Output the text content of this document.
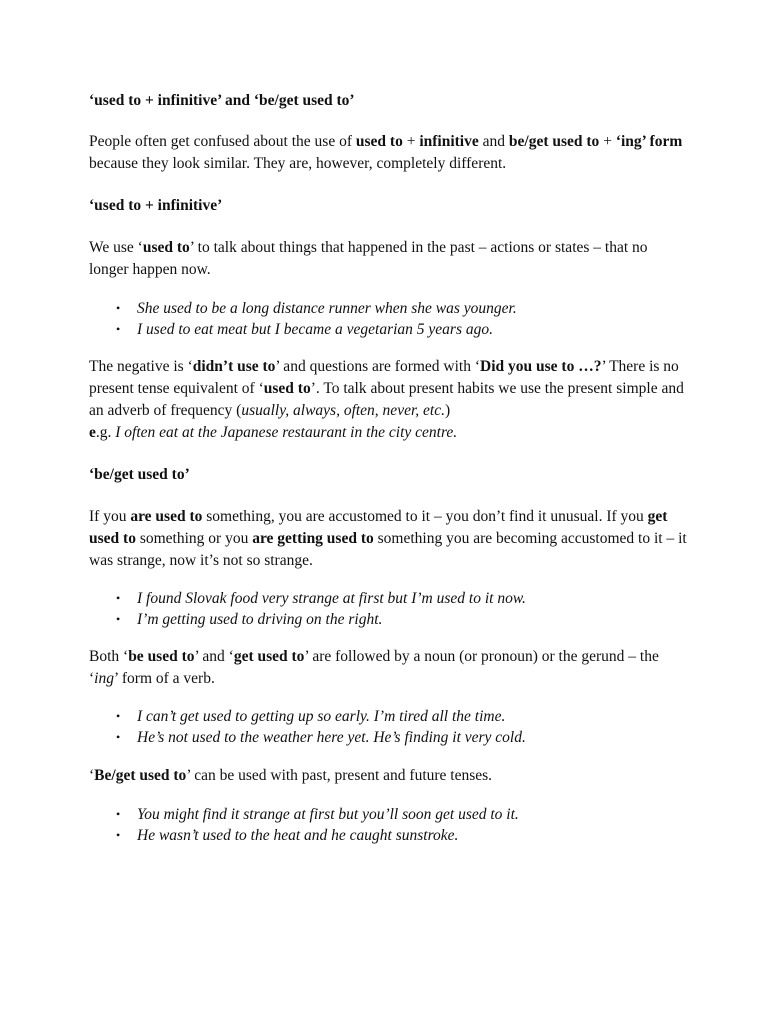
‘used to + infinitive’ and ‘be/get used to’

People often get confused about the use of used to + infinitive and be/get used to + ‘ing’ form because they look similar. They are, however, completely different.

‘used to + infinitive’

We use ‘used to’ to talk about things that happened in the past – actions or states – that no longer happen now.

• She used to be a long distance runner when she was younger.
• I used to eat meat but I became a vegetarian 5 years ago.

The negative is ‘didn’t use to’ and questions are formed with ‘Did you use to …?’ There is no present tense equivalent of ‘used to’. To talk about present habits we use the present simple and an adverb of frequency (usually, always, often, never, etc.)

e.g. I often eat at the Japanese restaurant in the city centre.

‘be/get used to’

If you are used to something, you are accustomed to it – you don’t find it unusual. If you get used to something or you are getting used to something you are becoming accustomed to it – it was strange, now it’s not so strange.

• I found Slovak food very strange at first but I’m used to it now.
• I’m getting used to driving on the right.

Both ‘be used to’ and ‘get used to’ are followed by a noun (or pronoun) or the gerund – the ‘ing’ form of a verb.

• I can’t get used to getting up so early. I’m tired all the time.
• He’s not used to the weather here yet. He’s finding it very cold.

‘Be/get used to’ can be used with past, present and future tenses.

• You might find it strange at first but you’ll soon get used to it.
• He wasn’t used to the heat and he caught sunstroke.
